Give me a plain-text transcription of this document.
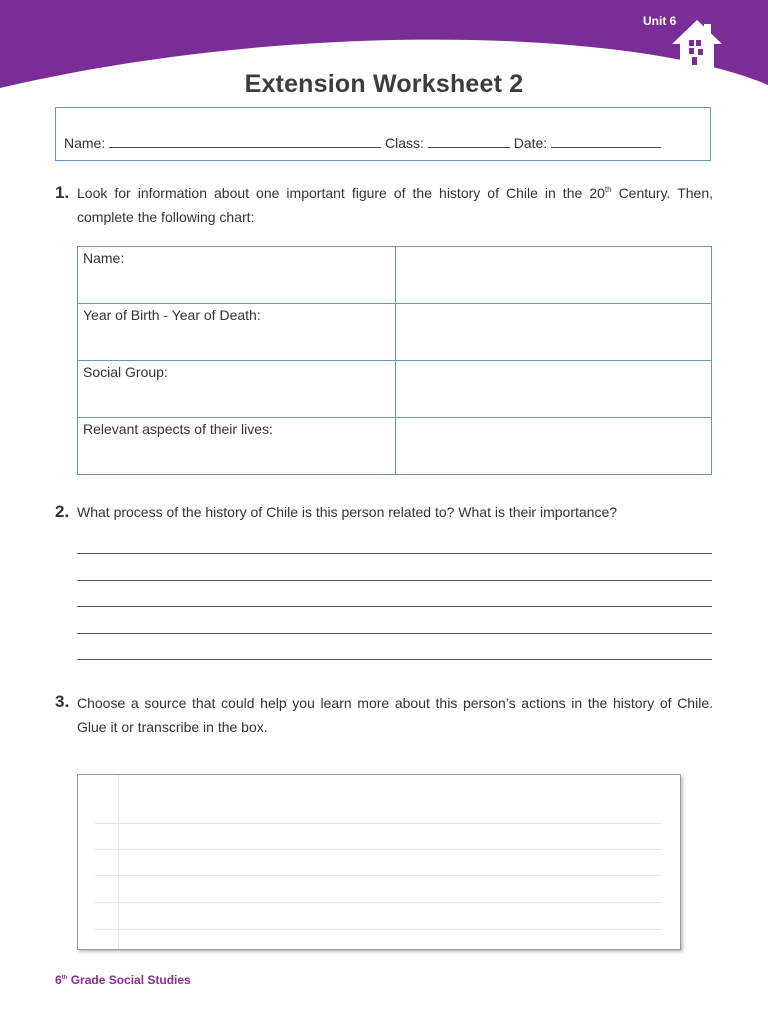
Unit 6
Extension Worksheet 2
Name:	Class:	Date:
1. Look for information about one important figure of the history of Chile in the 20th Century. Then, complete the following chart:
Name:	
Year of Birth - Year of Death:	
Social Group:	
Relevant aspects of their lives:	
2. What process of the history of Chile is this person related to? What is their importance?
3. Choose a source that could help you learn more about this person’s actions in the history of Chile. Glue it or transcribe in the box.
6th Grade Social Studies
